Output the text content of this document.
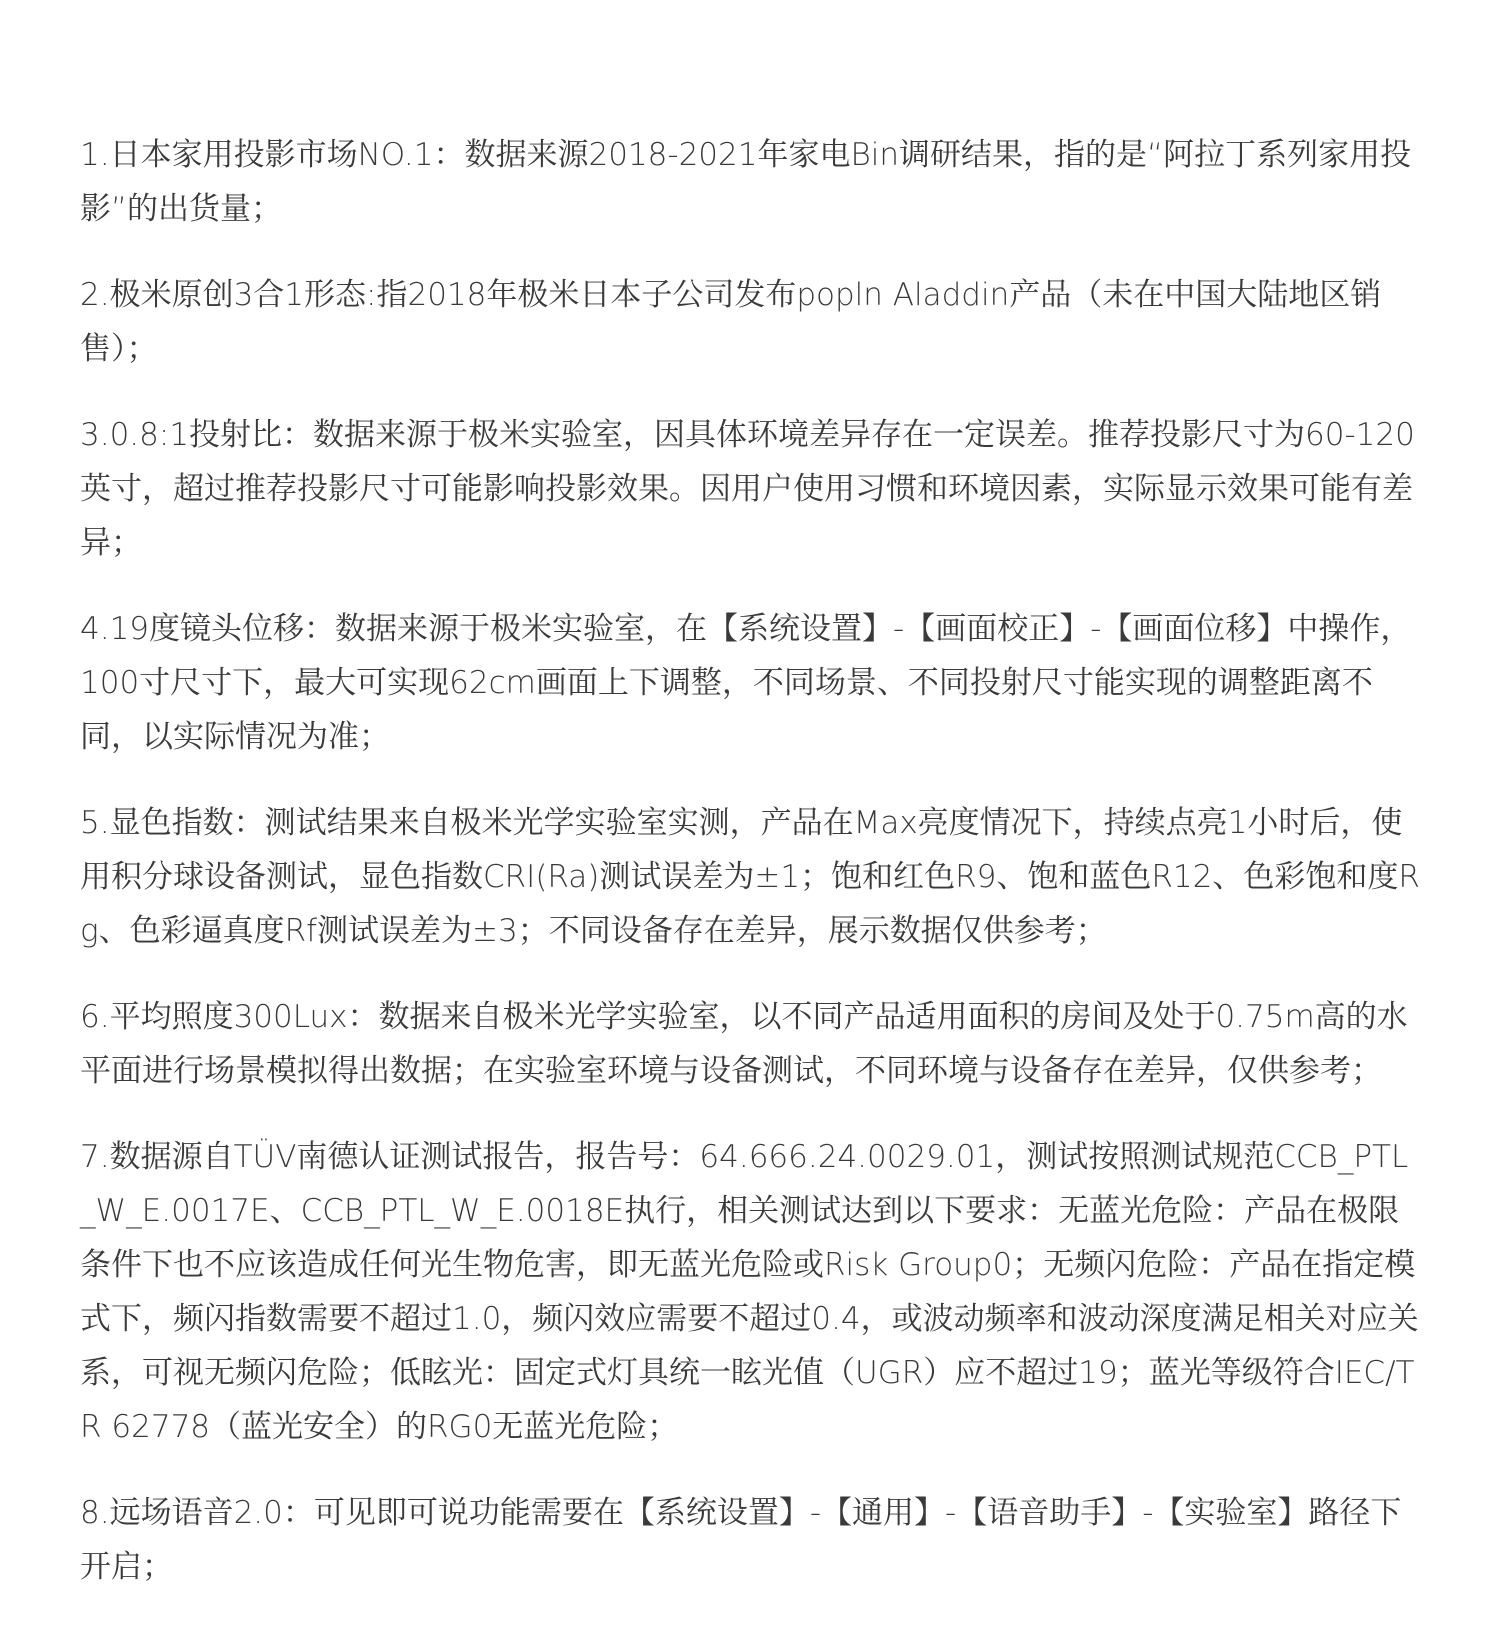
1.日本家用投影市场NO.1：数据来源2018-2021年家电Bin调研结果，指的是“阿拉丁系列家用投影”的出货量；

2.极米原创3合1形态:指2018年极米日本子公司发布popln Aladdin产品（未在中国大陆地区销售）；

3.0.8:1投射比：数据来源于极米实验室，因具体环境差异存在一定误差。推荐投影尺寸为60-120英寸，超过推荐投影尺寸可能影响投影效果。因用户使用习惯和环境因素，实际显示效果可能有差异；

4.19度镜头位移：数据来源于极米实验室，在【系统设置】-【画面校正】-【画面位移】中操作，100寸尺寸下，最大可实现62cm画面上下调整，不同场景、不同投射尺寸能实现的调整距离不同，以实际情况为准；

5.显色指数：测试结果来自极米光学实验室实测，产品在Max亮度情况下，持续点亮1小时后，使用积分球设备测试，显色指数CRI(Ra)测试误差为±1；饱和红色R9、饱和蓝色R12、色彩饱和度Rg、色彩逼真度Rf测试误差为±3；不同设备存在差异，展示数据仅供参考；

6.平均照度300Lux：数据来自极米光学实验室，以不同产品适用面积的房间及处于0.75m高的水平面进行场景模拟得出数据；在实验室环境与设备测试，不同环境与设备存在差异，仅供参考；

7.数据源自TÜV南德认证测试报告，报告号：64.666.24.0029.01，测试按照测试规范CCB_PTL_W_E.0017E、CCB_PTL_W_E.0018E执行，相关测试达到以下要求：无蓝光危险：产品在极限条件下也不应该造成任何光生物危害，即无蓝光危险或Risk Group0；无频闪危险：产品在指定模式下，频闪指数需要不超过1.0，频闪效应需要不超过0.4，或波动频率和波动深度满足相关对应关系，可视无频闪危险；低眩光：固定式灯具统一眩光值（UGR）应不超过19；蓝光等级符合IEC/TR 62778（蓝光安全）的RG0无蓝光危险；

8.远场语音2.0：可见即可说功能需要在【系统设置】-【通用】-【语音助手】-【实验室】路径下开启；
